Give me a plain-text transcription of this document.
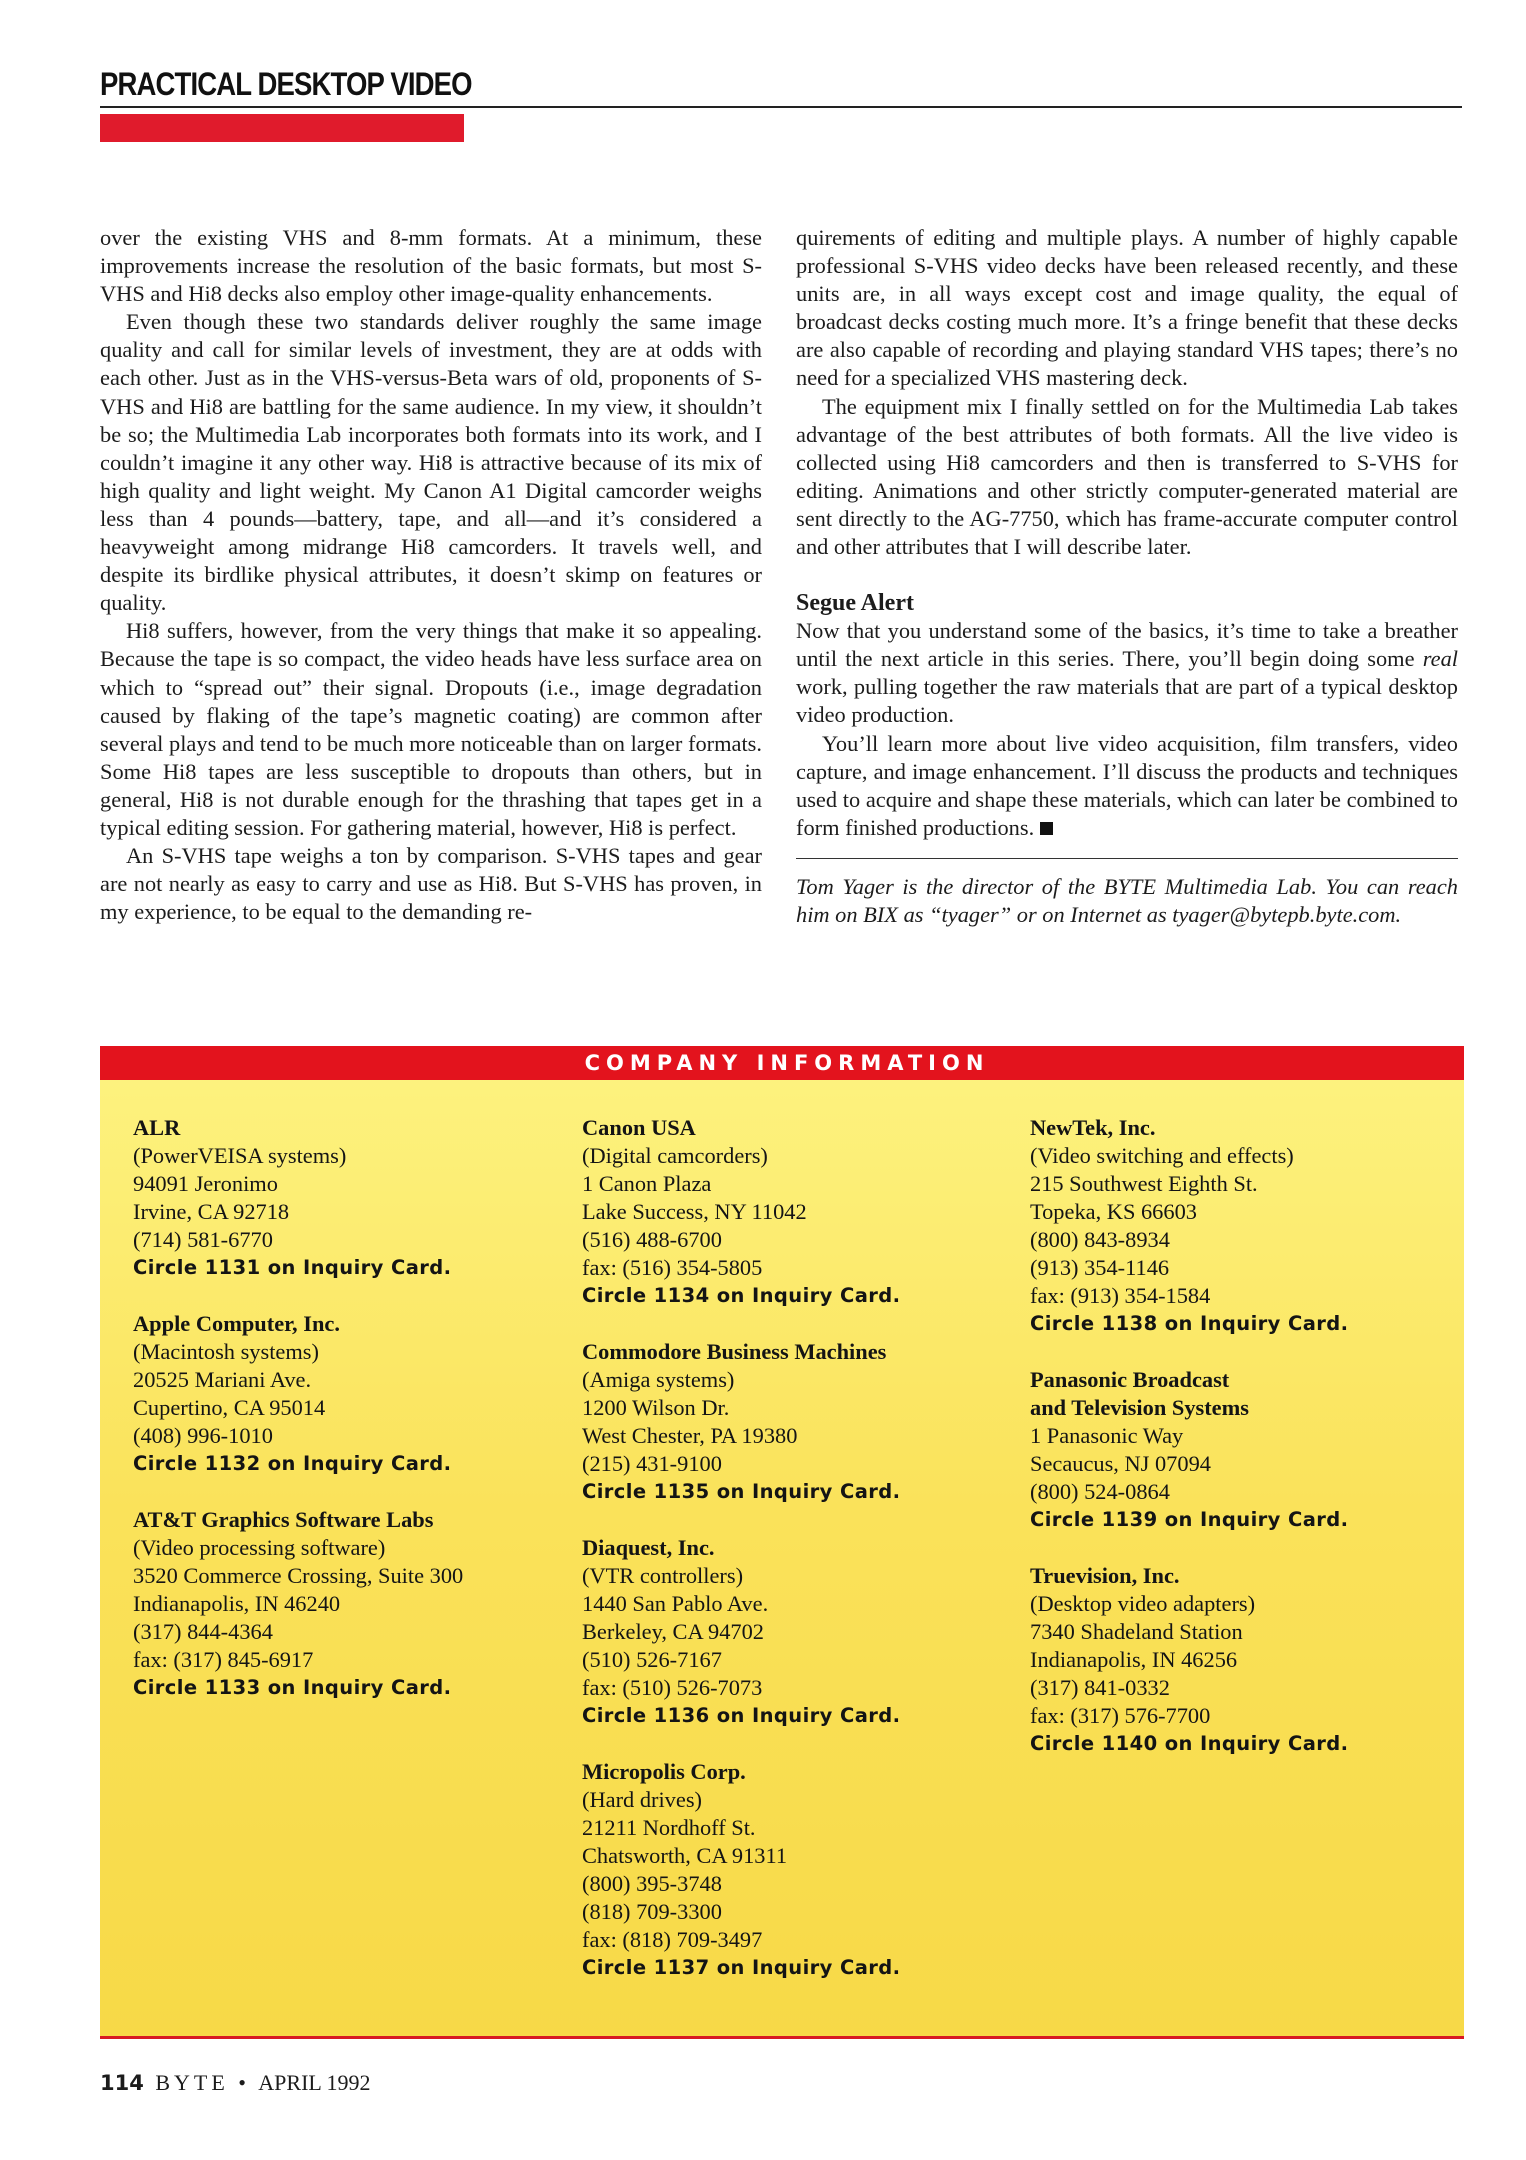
PRACTICAL DESKTOP VIDEO

over the existing VHS and 8-mm formats. At a minimum, these improvements increase the resolution of the basic formats, but most S-VHS and Hi8 decks also employ other image-quality enhancements.

Even though these two standards deliver roughly the same image quality and call for similar levels of investment, they are at odds with each other. Just as in the VHS-versus-Beta wars of old, proponents of S-VHS and Hi8 are battling for the same audience. In my view, it shouldn’t be so; the Multimedia Lab incorporates both formats into its work, and I couldn’t imagine it any other way. Hi8 is attractive because of its mix of high quality and light weight. My Canon A1 Digital camcorder weighs less than 4 pounds—battery, tape, and all—and it’s considered a heavyweight among midrange Hi8 camcorders. It travels well, and despite its birdlike physical attributes, it doesn’t skimp on features or quality.

Hi8 suffers, however, from the very things that make it so appealing. Because the tape is so compact, the video heads have less surface area on which to “spread out” their signal. Dropouts (i.e., image degradation caused by flaking of the tape’s magnetic coating) are common after several plays and tend to be much more noticeable than on larger formats. Some Hi8 tapes are less susceptible to dropouts than others, but in general, Hi8 is not durable enough for the thrashing that tapes get in a typical editing session. For gathering material, however, Hi8 is perfect.

An S-VHS tape weighs a ton by comparison. S-VHS tapes and gear are not nearly as easy to carry and use as Hi8. But S-VHS has proven, in my experience, to be equal to the demanding re-

quirements of editing and multiple plays. A number of highly capable professional S-VHS video decks have been released recently, and these units are, in all ways except cost and image quality, the equal of broadcast decks costing much more. It’s a fringe benefit that these decks are also capable of recording and playing standard VHS tapes; there’s no need for a specialized VHS mastering deck.

The equipment mix I finally settled on for the Multimedia Lab takes advantage of the best attributes of both formats. All the live video is collected using Hi8 camcorders and then is transferred to S-VHS for editing. Animations and other strictly computer-generated material are sent directly to the AG-7750, which has frame-accurate computer control and other attributes that I will describe later.

Segue Alert

Now that you understand some of the basics, it’s time to take a breather until the next article in this series. There, you’ll begin doing some real work, pulling together the raw materials that are part of a typical desktop video production.

You’ll learn more about live video acquisition, film transfers, video capture, and image enhancement. I’ll discuss the products and techniques used to acquire and shape these materials, which can later be combined to form finished productions.

Tom Yager is the director of the BYTE Multimedia Lab. You can reach him on BIX as “tyager” or on Internet as tyager@bytepb.byte.com.

COMPANY INFORMATION
ALR
(PowerVEISA systems)
94091 Jeronimo
Irvine, CA 92718
(714) 581-6770
Circle 1131 on Inquiry Card.
Apple Computer, Inc.
(Macintosh systems)
20525 Mariani Ave.
Cupertino, CA 95014
(408) 996-1010
Circle 1132 on Inquiry Card.
AT&T Graphics Software Labs
(Video processing software)
3520 Commerce Crossing, Suite 300
Indianapolis, IN 46240
(317) 844-4364
fax: (317) 845-6917
Circle 1133 on Inquiry Card.
Canon USA
(Digital camcorders)
1 Canon Plaza
Lake Success, NY 11042
(516) 488-6700
fax: (516) 354-5805
Circle 1134 on Inquiry Card.
Commodore Business Machines
(Amiga systems)
1200 Wilson Dr.
West Chester, PA 19380
(215) 431-9100
Circle 1135 on Inquiry Card.
Diaquest, Inc.
(VTR controllers)
1440 San Pablo Ave.
Berkeley, CA 94702
(510) 526-7167
fax: (510) 526-7073
Circle 1136 on Inquiry Card.
Micropolis Corp.
(Hard drives)
21211 Nordhoff St.
Chatsworth, CA 91311
(800) 395-3748
(818) 709-3300
fax: (818) 709-3497
Circle 1137 on Inquiry Card.
NewTek, Inc.
(Video switching and effects)
215 Southwest Eighth St.
Topeka, KS 66603
(800) 843-8934
(913) 354-1146
fax: (913) 354-1584
Circle 1138 on Inquiry Card.
Panasonic Broadcast
and Television Systems
1 Panasonic Way
Secaucus, NJ 07094
(800) 524-0864
Circle 1139 on Inquiry Card.
Truevision, Inc.
(Desktop video adapters)
7340 Shadeland Station
Indianapolis, IN 46256
(317) 841-0332
fax: (317) 576-7700
Circle 1140 on Inquiry Card.
114 BYTE • APRIL 1992
